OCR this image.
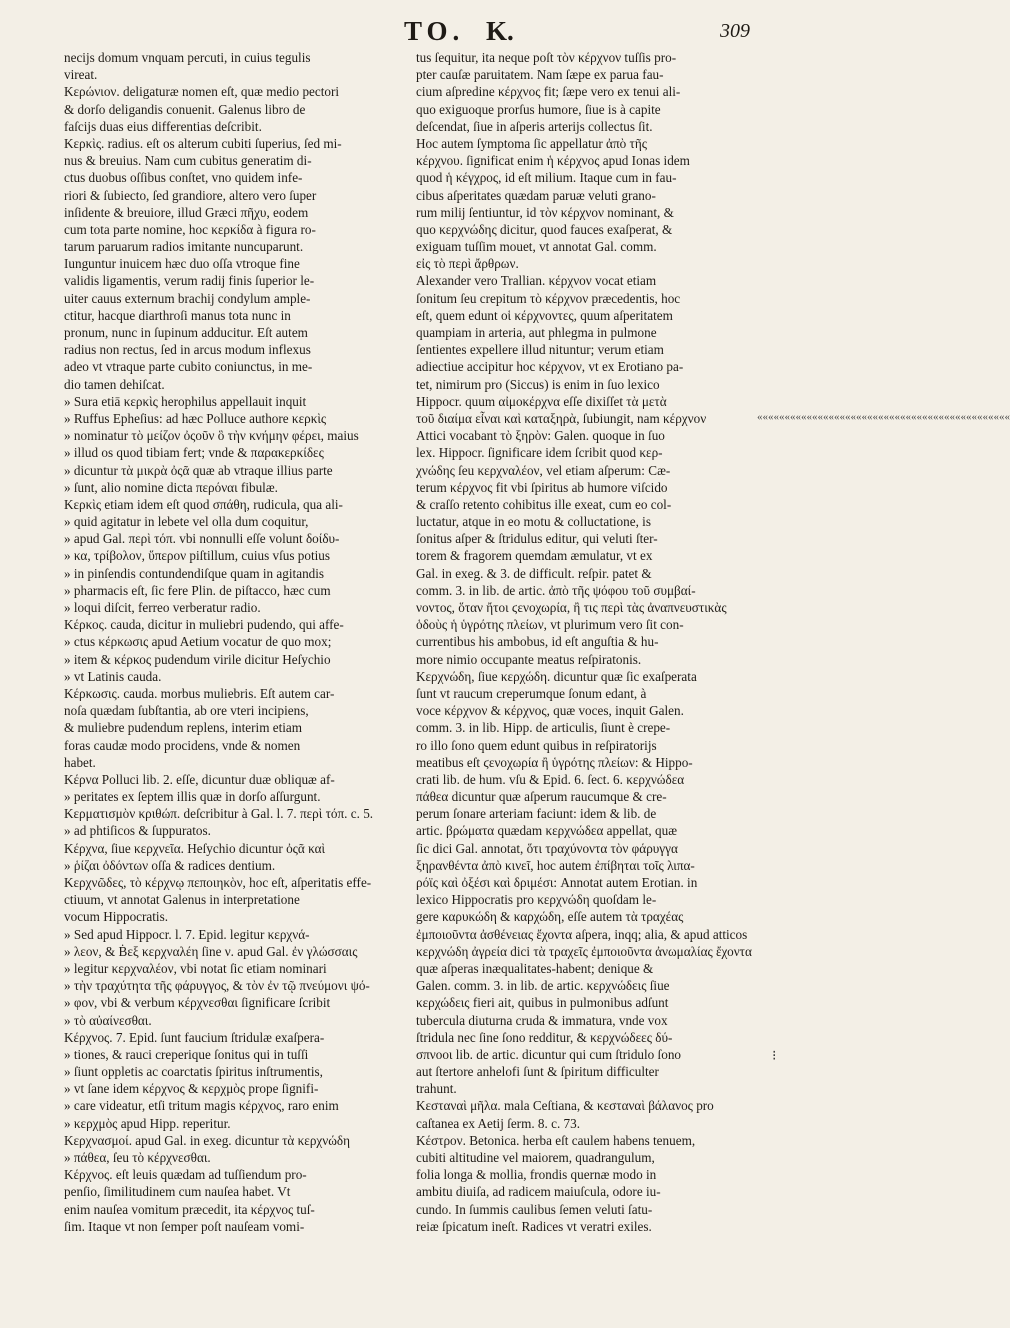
TO. K.	309
necijs domum vnquam percuti, in cuius tegulis
vireat.
Κερώνιον. deligaturæ nomen eſt, quæ medio pectori
& dorſo deligandis conuenit. Galenus libro de
faſcijs duas eius differentias deſcribit.
Κερκὶς. radius. eſt os alterum cubiti ſuperius, ſed mi-
nus & breuius. Nam cum cubitus generatim di-
ctus duobus oſſibus conſtet, vno quidem infe-
riori & ſubiecto, ſed grandiore, altero vero ſuper
inſidente & breuiore, illud Græci πῆχυ, eodem
cum tota parte nomine, hoc κερκίδα à figura ro-
tarum paruarum radios imitante nuncuparunt.
Iunguntur inuicem hæc duo oſſa vtroque fine
validis ligamentis, verum radij finis ſuperior le-
uiter cauus externum brachij condylum ample-
ctitur, hacque diarthroſi manus tota nunc in
pronum, nunc in ſupinum adducitur. Eſt autem
radius non rectus, ſed in arcus modum inflexus
adeo vt vtraque parte cubito coniunctus, in me-
dio tamen dehiſcat.
» Sura etiā κερκὶς herophilus appellauit inquit
» Ruffus Epheſius: ad hæc Polluce authore κερκὶς
» nominatur τὸ μείζον ὀςοῦν ὃ τὴν κνήμην φέρει, maius
» illud os quod tibiam fert; vnde & παρακερκίδες
» dicuntur τὰ μικρὰ ὀςᾶ quæ ab vtraque illius parte
» ſunt, alio nomine dicta περόναι fibulæ.
Κερκὶς etiam idem eſt quod σπάθη, rudicula, qua ali-
» quid agitatur in lebete vel olla dum coquitur,
» apud Gal. περὶ τόπ. vbi nonnulli eſſe volunt δοίδυ-
» κα, τρίβολον, ὕπερον piſtillum, cuius vſus potius
» in pinſendis contundendiſque quam in agitandis
» pharmacis eſt, ſic fere Plin. de piſtacco, hæc cum
» loqui diſcit, ferreo verberatur radio.
Κέρκος. cauda, dicitur in muliebri pudendo, qui affe-
» ctus κέρκωσις apud Aetium vocatur de quo mox;
» item & κέρκος pudendum virile dicitur Heſychio
» vt Latinis cauda.
Κέρκωσις. cauda. morbus muliebris. Eſt autem car-
noſa quædam ſubſtantia, ab ore vteri incipiens,
& muliebre pudendum replens, interim etiam
foras caudæ modo procidens, vnde & nomen
habet.
Κέρνα Polluci lib. 2. eſſe, dicuntur duæ obliquæ af-
» peritates ex ſeptem illis quæ in dorſo aſſurgunt.
Κερματισμὸν κριθώπ. deſcribitur à Gal. l. 7. περὶ τόπ. c. 5.
» ad phtiſicos & ſuppuratos.
Κέρχνα, ſiue κερχνεῖα. Heſychio dicuntur ὀςᾶ καὶ
» ῥίζαι ὀδόντων oſſa & radices dentium.
Κερχνῶδες, τὸ κέρχνῳ πεποιηκὸν, hoc eſt, aſperitatis effe-
ctiuum, vt annotat Galenus in interpretatione
vocum Hippocratis.
» Sed apud Hippocr. l. 7. Epid. legitur κερχνά-
» λεον, & Ḃεξ κερχναλέη ſine ν. apud Gal. ἐν γλώσσαις
» legitur κερχναλέον, vbi notat ſic etiam nominari
» τὴν τραχύτητα τῆς φάρυγγος, & τὸν ἐν τῷ πνεύμονι ψό-
» φον, vbi & verbum κέρχνεσθαι ſignificare ſcribit
» τὸ αὐαίνεσθαι.
Κέρχνος. 7. Epid. ſunt faucium ſtridulæ exaſpera-
» tiones, & rauci creperique ſonitus qui in tuſſi
» ſiunt oppletis ac coarctatis ſpiritus inſtrumentis,
» vt ſane idem κέρχνος & κερχμὸς prope ſignifi-
» care videatur, etſi tritum magis κέρχνος, raro enim
» κερχμὸς apud Hipp. reperitur.
Κερχνασμοί. apud Gal. in exeg. dicuntur τὰ κερχνώδη
» πάθεα, ſeu τὸ κέρχνεσθαι.
Κέρχνος. eſt leuis quædam ad tuſſiendum pro-
penſio, ſimilitudinem cum nauſea habet. Vt
enim nauſea vomitum præcedit, ita κέρχνος tuſ-
ſim. Itaque vt non ſemper poſt nauſeam vomi-
tus ſequitur, ita neque poſt τὸν κέρχνον tuſſis pro-
pter cauſæ paruitatem. Nam ſæpe ex parua fau-
cium aſpredine κέρχνος fit; ſæpe vero ex tenui ali-
quo exiguoque prorſus humore, ſiue is à capite
deſcendat, ſiue in aſperis arterijs collectus ſit.
Hoc autem ſymptoma ſic appellatur ἀπὸ τῆς
κέρχνου. ſignificat enim ἡ κέρχνος apud Ionas idem
quod ἡ κέγχρος, id eſt milium. Itaque cum in fau-
cibus aſperitates quædam paruæ veluti grano-
rum milij ſentiuntur, id τὸν κέρχνον nominant, &
quo κερχνώδης dicitur, quod fauces exaſperat, &
exiguam tuſſim mouet, vt annotat Gal. comm.
εἰς τὸ περὶ ἄρθρων.
Alexander vero Trallian. κέρχνον vocat etiam
ſonitum ſeu crepitum τὸ κέρχνον præcedentis, hoc
eſt, quem edunt οἱ κέρχνοντες, quum aſperitatem
quampiam in arteria, aut phlegma in pulmone
ſentientes expellere illud nituntur; verum etiam
adiectiue accipitur hoc κέρχνον, vt ex Erotiano pa-
tet, nimirum pro (Siccus) is enim in ſuo lexico
Hippocr. quum αἰμοκέρχνα eſſe dixiſſet τὰ μετὰ
τοῦ διαίμα εἶναι καὶ καταξηρὰ, ſubiungit, nam κέρχνον
Attici vocabant τὸ ξηρὸν: Galen. quoque in ſuo
lex. Hippocr. ſignificare idem ſcribit quod κερ-
χνώδης ſeu κερχναλέον, vel etiam aſperum: Cæ-
terum κέρχνος fit vbi ſpiritus ab humore viſcido
& craſſo retento cohibitus ille exeat, cum eo col-
luctatur, atque in eo motu & colluctatione, is
ſonitus aſper & ſtridulus editur, qui veluti ſter-
torem & fragorem quemdam æmulatur, vt ex
Gal. in exeg. & 3. de difficult. reſpir. patet &
comm. 3. in lib. de artic. ἀπὸ τῆς ψόφου τοῦ συμβαί-
νοντος, ὅταν ἤτοι ϛενοχωρία, ἢ τις περὶ τὰς ἀναπνευστικὰς
ὁδοὺς ἡ ὑγρότης πλείων, vt plurimum vero ſit con-
currentibus his ambobus, id eſt anguſtia & hu-
more nimio occupante meatus reſpiratonis.
Κερχνώδη, ſiue κερχώδη. dicuntur quæ ſic exaſperata
ſunt vt raucum creperumque ſonum edant, à
voce κέρχνον & κέρχνος, quæ voces, inquit Galen.
comm. 3. in lib. Hipp. de articulis, ſiunt è crepe-
ro illo ſono quem edunt quibus in reſpiratorijs
meatibus eſt ϛενοχωρία ἢ ὑγρότης πλείων: & Hippo-
crati lib. de hum. vſu & Epid. 6. ſect. 6. κερχνώδεα
πάθεα dicuntur quæ aſperum raucumque & cre-
perum ſonare arteriam faciunt: idem & lib. de
artic. βρώματα quædam κερχνώδεα appellat, quæ
ſic dici Gal. annotat, ὅτι τραχύνοντα τὸν φάρυγγα
ξηρανθέντα ἀπὸ κινεῖ, hoc autem ἐπίβηται τοῖς λιπα-
ρόϊς καὶ ὀξέσι καὶ δριμέσι: Annotat autem Erotian. in
lexico Hippocratis pro κερχνώδη quoſdam le-
gere καρυκώδη & καρχώδη, eſſe autem τὰ τραχέας
ἐμποιοῦντα ἀσθένειας ἔχοντα aſpera, inqq; alia, & apud atticos
κερχνώδη ἀγρεία dici τὰ τραχεῖς ἐμποιοῦντα ἀνωμαλίας ἔχοντα
quæ aſperas inæqualitates-habent; denique &
Galen. comm. 3. in lib. de artic. κερχνώδεις ſiue
κερχώδεις fieri ait, quibus in pulmonibus adſunt
tubercula diuturna cruda & immatura, vnde vox
ſtridula nec ſine ſono redditur, & κερχνώδεες δύ-
σπνοοι lib. de artic. dicuntur qui cum ſtridulo ſono
aut ſtertore anhelofi ſunt & ſpiritum difficulter
trahunt.
Κεσταναὶ μῆλα. mala Ceſtiana, & κεσταναὶ βάλανος pro
caſtanea ex Aetij ſerm. 8. c. 73.
Κέστρον. Betonica. herba eſt caulem habens tenuem,
cubiti altitudine vel maiorem, quadrangulum,
folia longa & mollia, frondis quernæ modo in
ambitu diuiſa, ad radicem maiuſcula, odore iu-
cundo. In ſummis caulibus ſemen veluti ſatu-
reiæ ſpicatum ineſt. Radices vt veratri exiles.
««««««««««««««««««««««««««««««««««««««««««««««
⁝
